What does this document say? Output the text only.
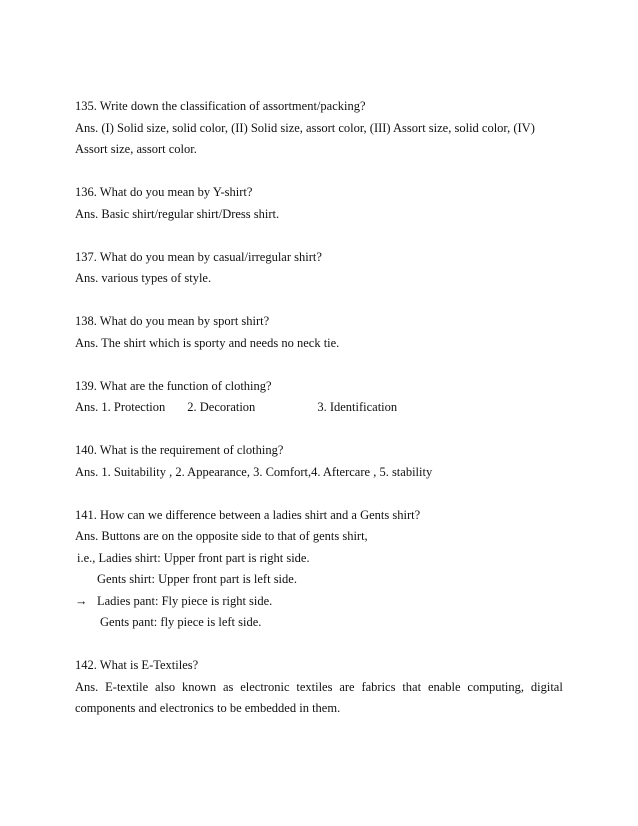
135. Write down the classification of assortment/packing?
Ans. (I) Solid size, solid color, (II) Solid size, assort color, (III) Assort size, solid color, (IV)
Assort size, assort color.
136. What do you mean by Y-shirt?
Ans. Basic shirt/regular shirt/Dress shirt.
137. What do you mean by casual/irregular shirt?
Ans. various types of style.
138. What do you mean by sport shirt?
Ans. The shirt which is sporty and needs no neck tie.
139. What are the function of clothing?
Ans. 1. Protection 2. Decoration	3. Identification
140. What is the requirement of clothing?
Ans. 1. Suitability , 2. Appearance, 3. Comfort,4. Aftercare , 5. stability
141. How can we difference between a ladies shirt and a Gents shirt?
Ans. Buttons are on the opposite side to that of gents shirt,
i.e., Ladies shirt: Upper front part is right side.
Gents shirt: Upper front part is left side.
→ Ladies pant: Fly piece is right side.
Gents pant: fly piece is left side.
142. What is E-Textiles?
Ans. E-textile also known as electronic textiles are fabrics that enable computing, digital
components and electronics to be embedded in them.
